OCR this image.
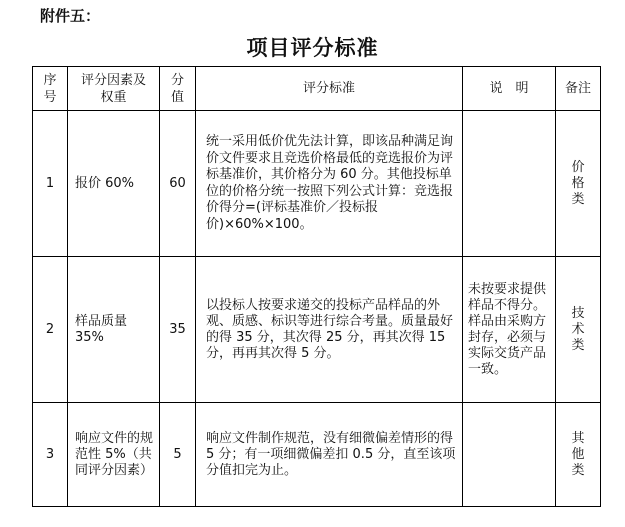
附件五：
项目评分标准
序号	评分因素及权重	分值	评分标准	说　明	备注
1	报价 60%	60	统一采用低价优先法计算，即该品种满足询价文件要求且竞选价格最低的竞选报价为评标基准价，其价格分为 60 分。其他投标单位的价格分统一按照下列公式计算：竞选报价得分=(评标基准价／投标报价)×60%×100。		价格类
2	样品质量 35%	35	以投标人按要求递交的投标产品样品的外观、质感、标识等进行综合考量。质量最好的得 35 分，其次得 25 分，再其次得 15 分，再再其次得 5 分。	未按要求提供样品不得分。样品由采购方封存，必须与实际交货产品一致。	技术类
3	响应文件的规范性 5%（共同评分因素）	5	响应文件制作规范，没有细微偏差情形的得 5 分；有一项细微偏差扣 0.5 分，直至该项分值扣完为止。		其他类
